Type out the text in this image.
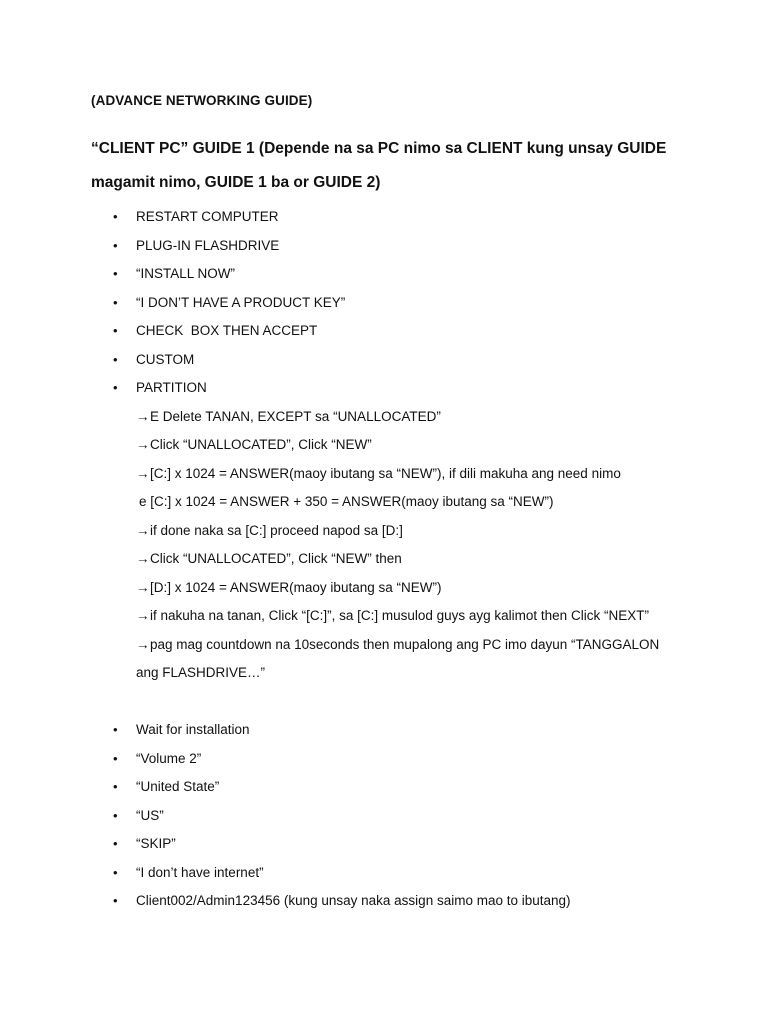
(ADVANCE NETWORKING GUIDE)
“CLIENT PC” GUIDE 1 (Depende na sa PC nimo sa CLIENT kung unsay GUIDE magamit nimo, GUIDE 1 ba or GUIDE 2)
• RESTART COMPUTER
• PLUG-IN FLASHDRIVE
• “INSTALL NOW”
• “I DON’T HAVE A PRODUCT KEY”
• CHECK  BOX THEN ACCEPT
• CUSTOM
• PARTITION
→ E Delete TANAN, EXCEPT sa “UNALLOCATED”
→ Click “UNALLOCATED”, Click “NEW”
→ [C:] x 1024 = ANSWER(maoy ibutang sa “NEW”), if dili makuha ang need nimo
e [C:] x 1024 = ANSWER + 350 = ANSWER(maoy ibutang sa “NEW”)
→ if done naka sa [C:] proceed napod sa [D:]
→ Click “UNALLOCATED”, Click “NEW” then
→ [D:] x 1024 = ANSWER(maoy ibutang sa “NEW”)
→ if nakuha na tanan, Click “[C:]”, sa [C:] musulod guys ayg kalimot then Click “NEXT”
→ pag mag countdown na 10seconds then mupalong ang PC imo dayun “TANGGALON
ang FLASHDRIVE…”
• Wait for installation
• “Volume 2”
• “United State”
• “US”
• “SKIP”
• “I don’t have internet”
• Client002/Admin123456 (kung unsay naka assign saimo mao to ibutang)
